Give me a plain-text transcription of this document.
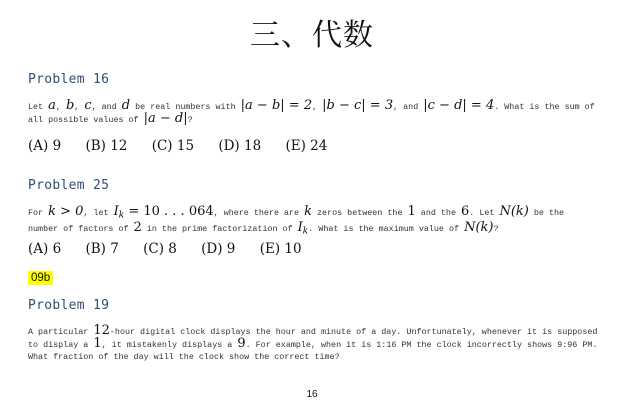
三、代数
Problem 16
Let a, b, c, and d be real numbers with |a − b| = 2, |b − c| = 3, and |c − d| = 4. What is the sum of all possible values of |a − d|?
(A) 9 (B) 12 (C) 15 (D) 18 (E) 24
Problem 25
For k > 0, let $I_k = 10$ . . . 064, where there are k zeros between the 1 and the 6. Let N(k) be the number of factors of 2 in the prime factorization of $I_k$. What is the maximum value of N(k)?
(A) 6 (B) 7 (C) 8 (D) 9 (E) 10
09b
Problem 19
A particular 12-hour digital clock displays the hour and minute of a day. Unfortunately, whenever it is supposed to display a 1, it mistakenly displays a 9. For example, when it is 1:16 PM the clock incorrectly shows 9:96 PM. What fraction of the day will the clock show the correct time?
16
